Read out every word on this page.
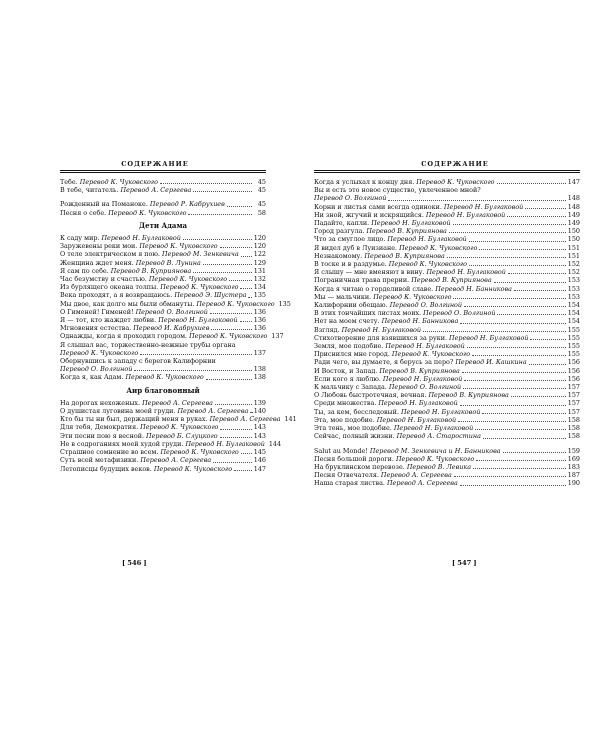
СОДЕРЖАНИЕ
Тебе. Перевод К. Чуковского	45
В тебе, читатель. Перевод А. Сергеева	45
Рожденный на Поманоке. Перевод Р. Кабрухиев	45
Песня о себе. Перевод К. Чуковского	58
Дети Адама
К саду мир. Перевод Н. Булгаковой	120
Заружевены реки мои. Перевод К. Чуковского	120
О теле электрическом я пою. Перевод М. Зенкевича 122
Женщина ждет меня. Перевод В. Лунина	129
Я сам по себе. Перевод В. Куприянова	131
Час безумству и счастью. Перевод К. Чуковского	132
Из бурлящего океана толпы. Перевод К. Чуковского 134
Века проходят, а я возвращаюсь. Перевод Э. Шустера 135
Мы двое, как долго мы были обмануты. Перевод К. Чуковского 135
О Гименей! Гименей! Перевод О. Волгиной	136
Я — тот, кто жаждет любви. Перевод Н. Булгаковой	136
Мгновения естества. Перевод И. Кабрухиев	136
Однажды, когда я проходил городом. Перевод К. Чуковского 137
Я слышал вас, торжественно-нежные трубы органа
Перевод К. Чуковского	137
Обернувшись к западу с берегов Калифорнии
Перевод О. Волгиной	138
Когда я, как Адам. Перевод К. Чуковского	138
Аир благовонный
На дорогах нехоженых. Перевод А. Сергеева	139
О душистая луговина моей груди. Перевод А. Сергеева 140
Кто бы ты ни был, держащий меня в руках. Перевод А. Сергеева 141
Для тебя, Демократия. Перевод К. Чуковского	143
Эти песни пою я весной. Перевод Б. Слуцкого	143
Не в содроганиях моей худой груди. Перевод Н. Булгаковой 144
Страшное сомнение во всем. Перевод К. Чуковского 145
Суть всей метафизики. Перевод А. Сергеева	146
Летописцы будущих веков. Перевод К. Чуковского	147
[ 546 ]
СОДЕРЖАНИЕ
Когда я услыхал к концу дня. Перевод К. Чуковского	147
Вы и есть это новое существо, увлеченное мной?
Перевод О. Волгиной	148
Корни и листья сами всегда одиноки. Перевод Н. Булгаковой	148
Ни зной, жгучий и искрящийся. Перевод Н. Булгаковой	149
Падайте, капли. Перевод Н. Булгаковой	149
Город разгула. Перевод В. Куприянова	150
Что за смуглое лицо. Перевод Н. Булгаковой	150
Я видел дуб в Луизиане. Перевод К. Чуковского	151
Незнакомому. Перевод В. Куприянова	151
В тоске и в раздумье. Перевод К. Чуковского	152
Я слышу — мне вменяют в вину. Перевод Н. Булгаковой	152
Пограничная трава прерии. Перевод В. Куприянова	153
Когда я читаю о горделивой славе. Перевод Н. Банникова	153
Мы — мальчики. Перевод К. Чуковского	153
Калифорнии обещаю. Перевод О. Волгиной	154
В этих тончайших листах моих. Перевод О. Волгиной	154
Нет на моем счету. Перевод Н. Банникова	154
Взгляд. Перевод Н. Булгаковой	155
Стихотворение для взявшихся за руки. Перевод Н. Булгаковой	155
Земля, мое подобие. Перевод Н. Булгаковой	155
Приснился мне город. Перевод К. Чуковского	155
Ради чего, вы думаете, я берусь за перо? Перевод И. Кашкина	156
И Восток, и Запад. Перевод В. Куприянова	156
Если кого я люблю. Перевод Н. Булгаковой	156
К мальчику с Запада. Перевод О. Волгиной	157
О Любовь быстротечная, вечная. Перевод В. Куприянова	157
Среди множества. Перевод Н. Булгаковой	157
Ты, за кем, бесследовый. Перевод Н. Булгаковой	157
Эта, мое подобие. Перевод Н. Булгаковой	158
Эта тень, мое подобие. Перевод Н. Булгаковой	158
Сейчас, полный жизни. Перевод А. Старостина	158
Salut au Monde! Перевод М. Зенкевича и Н. Банникова	159
Песня большой дороги. Перевод К. Чуковского	169
На бруклинском перевозе. Перевод В. Левика	183
Песня Отвечателя. Перевод А. Сергеева	187
Наша старая листва. Перевод А. Сергеева	190
[ 547 ]
